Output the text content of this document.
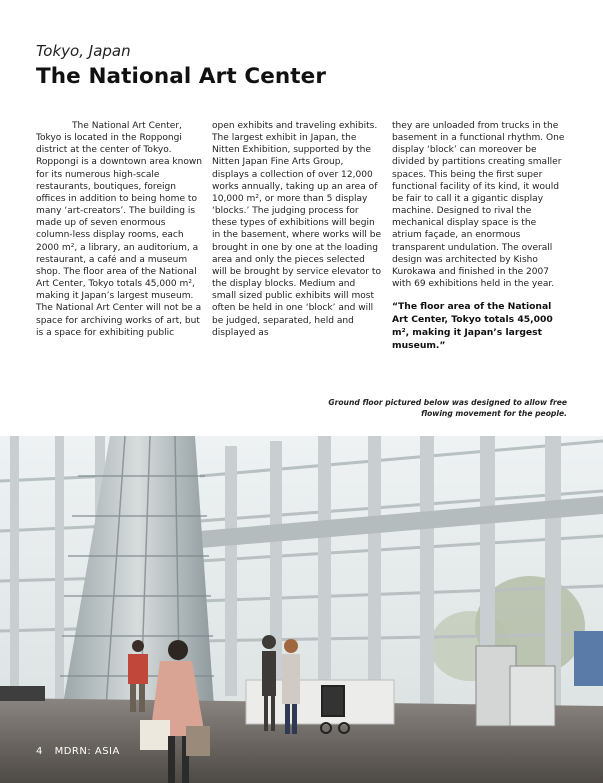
Tokyo, Japan
The National Art Center

The National Art Center, Tokyo is located in the Roppongi district at the center of Tokyo. Roppongi is a downtown area known for its numerous high-scale restaurants, boutiques, foreign offices in addition to being home to many ‘art-creators’. The building is made up of seven enormous column-less display rooms, each 2000 m², a library, an auditorium, a restaurant, a café and a museum shop. The floor area of the National Art Center, Tokyo totals 45,000 m², making it Japan’s largest museum. The National Art Center will not be a space for archiving works of art, but is a space for exhibiting public

open exhibits and traveling exhibits. The largest exhibit in Japan, the Nitten Exhibition, supported by the Nitten Japan Fine Arts Group, displays a collection of over 12,000 works annually, taking up an area of 10,000 m², or more than 5 display ‘blocks.’ The judging process for these types of exhibitions will begin in the basement, where works will be brought in one by one at the loading area and only the pieces selected will be brought by service elevator to the display blocks. Medium and small sized public exhibits will most often be held in one ‘block’ and will be judged, separated, held and displayed as

they are unloaded from trucks in the basement in a functional rhythm. One display ‘block’ can moreover be divided by partitions creating smaller spaces. This being the first super functional facility of its kind, it would be fair to call it a gigantic display machine. Designed to rival the mechanical display space is the atrium façade, an enormous transparent undulation. The overall design was architected by Kisho Kurokawa and finished in the 2007 with 69 exhibitions held in the year.

“The floor area of the National Art Center, Tokyo totals 45,000 m², making it Japan’s largest museum.”

Ground floor pictured below was designed to allow free flowing movement for the people.
4 MDRN: ASIA
